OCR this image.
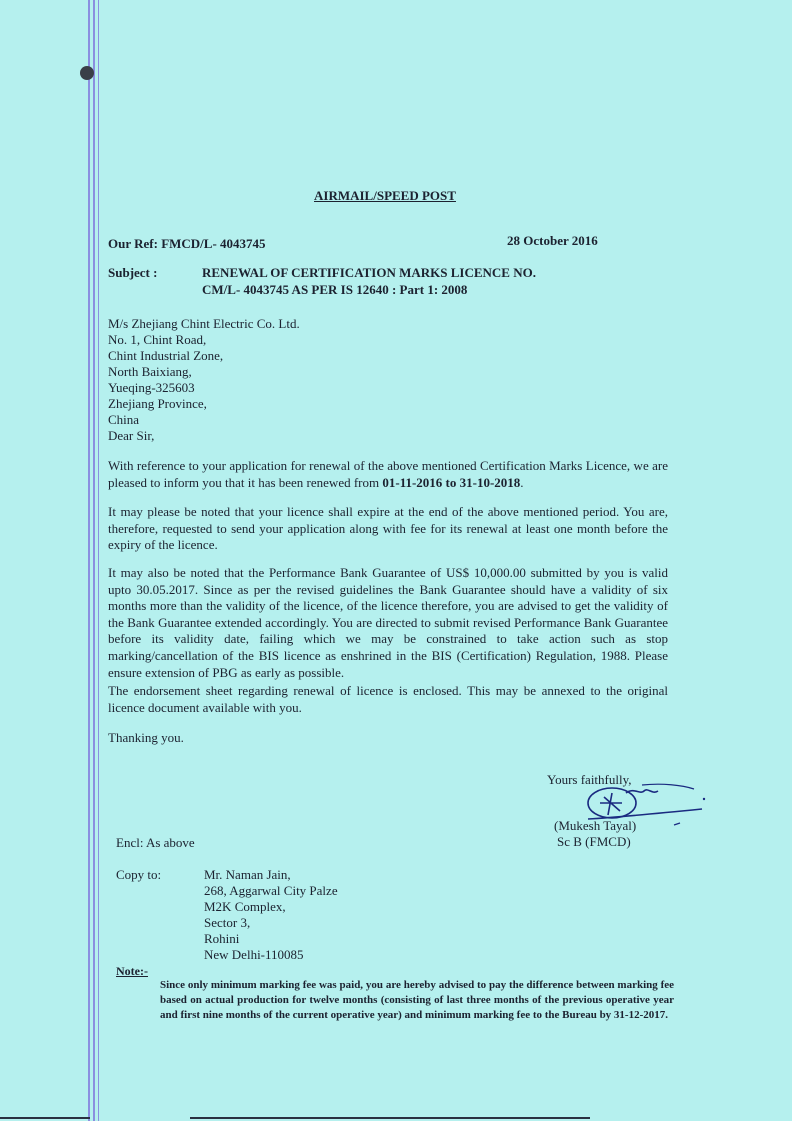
AIRMAIL/SPEED POST
Our Ref: FMCD/L- 4043745	28 October 2016
Subject :	RENEWAL OF CERTIFICATION MARKS LICENCE NO.
CM/L- 4043745 AS PER IS 12640 : Part 1: 2008
M/s Zhejiang Chint Electric Co. Ltd.
No. 1, Chint Road,
Chint Industrial Zone,
North Baixiang,
Yueqing-325603
Zhejiang Province,
China
Dear Sir,

With reference to your application for renewal of the above mentioned Certification Marks Licence, we are pleased to inform you that it has been renewed from 01-11-2016 to 31-10-2018.

It may please be noted that your licence shall expire at the end of the above mentioned period. You are, therefore, requested to send your application along with fee for its renewal at least one month before the expiry of the licence.

It may also be noted that the Performance Bank Guarantee of US$ 10,000.00 submitted by you is valid upto 30.05.2017. Since as per the revised guidelines the Bank Guarantee should have a validity of six months more than the validity of the licence, of the licence therefore, you are advised to get the validity of the Bank Guarantee extended accordingly. You are directed to submit revised Performance Bank Guarantee before its validity date, failing which we may be constrained to take action such as stop marking/cancellation of the BIS licence as enshrined in the BIS (Certification) Regulation, 1988. Please ensure extension of PBG as early as possible.

The endorsement sheet regarding renewal of licence is enclosed. This may be annexed to the original licence document available with you.

Thanking you.
Yours faithfully,
(Mukesh Tayal)
Sc B (FMCD)
Encl: As above
Copy to:	Mr. Naman Jain,
268, Aggarwal City Palze
M2K Complex,
Sector 3,
Rohini
New Delhi-110085
Note:-

Since only minimum marking fee was paid, you are hereby advised to pay the difference between marking fee based on actual production for twelve months (consisting of last three months of the previous operative year and first nine months of the current operative year) and minimum marking fee to the Bureau by 31-12-2017.
